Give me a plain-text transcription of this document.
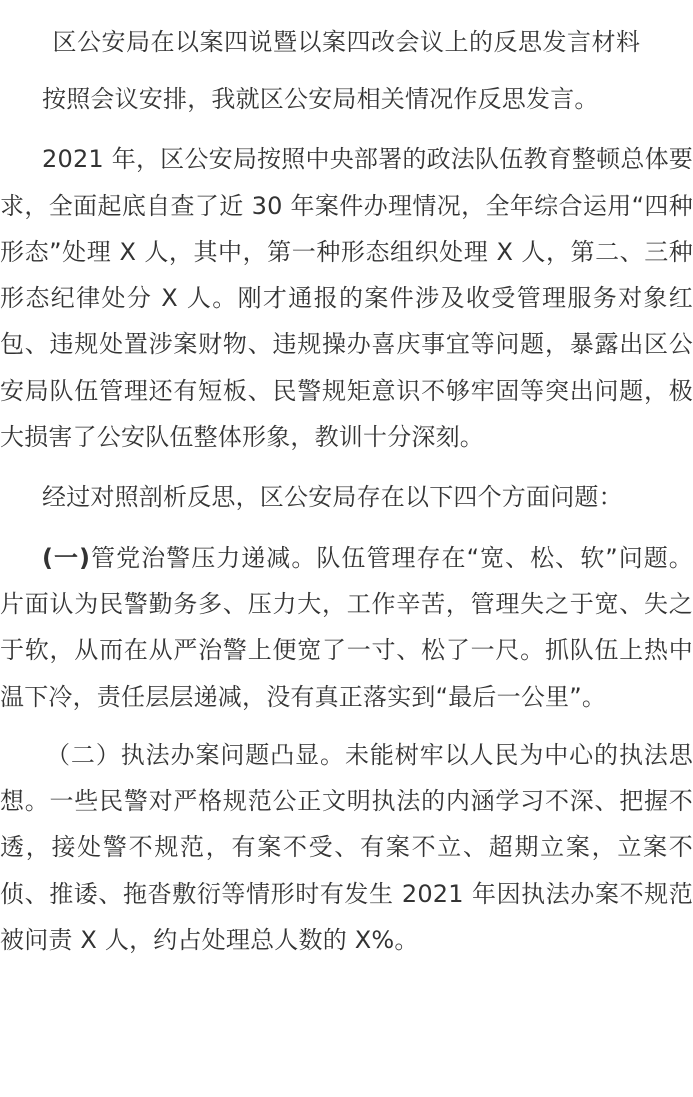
区公安局在以案四说暨以案四改会议上的反思发言材料

按照会议安排，我就区公安局相关情况作反思发言。

2021 年，区公安局按照中央部署的政法队伍教育整顿总体要求，全面起底自查了近 30 年案件办理情况，全年综合运用“四种形态”处理 X 人，其中，第一种形态组织处理 X 人，第二、三种形态纪律处分 X 人。刚才通报的案件涉及收受管理服务对象红包、违规处置涉案财物、违规操办喜庆事宜等问题，暴露出区公安局队伍管理还有短板、民警规矩意识不够牢固等突出问题，极大损害了公安队伍整体形象，教训十分深刻。

经过对照剖析反思，区公安局存在以下四个方面问题：

(一)管党治警压力递减。队伍管理存在“宽、松、软”问题。片面认为民警勤务多、压力大，工作辛苦，管理失之于宽、失之于软，从而在从严治警上便宽了一寸、松了一尺。抓队伍上热中温下冷，责任层层递减，没有真正落实到“最后一公里”。

（二）执法办案问题凸显。未能树牢以人民为中心的执法思想。一些民警对严格规范公正文明执法的内涵学习不深、把握不透，接处警不规范，有案不受、有案不立、超期立案，立案不侦、推诿、拖沓敷衍等情形时有发生 2021 年因执法办案不规范被问责 X 人，约占处理总人数的 X%。
